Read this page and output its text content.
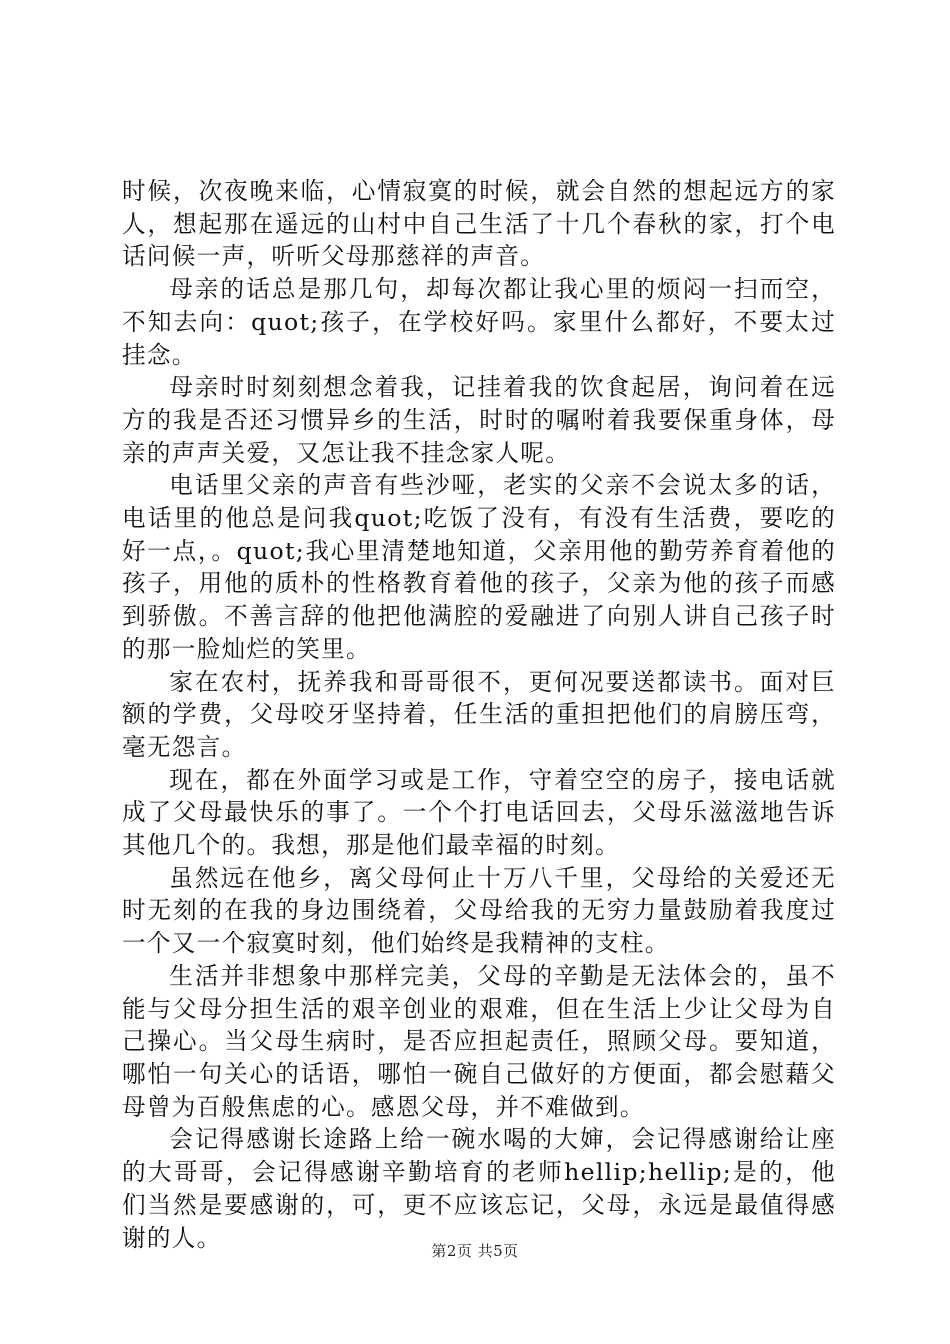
时候，次夜晚来临，心情寂寞的时候，就会自然的想起远方的家人，想起那在遥远的山村中自己生活了十几个春秋的家，打个电话问候一声，听听父母那慈祥的声音。

母亲的话总是那几句，却每次都让我心里的烦闷一扫而空，不知去向：quot;孩子，在学校好吗。家里什么都好，不要太过挂念。

母亲时时刻刻想念着我，记挂着我的饮食起居，询问着在远方的我是否还习惯异乡的生活，时时的嘱咐着我要保重身体，母亲的声声关爱，又怎让我不挂念家人呢。

电话里父亲的声音有些沙哑，老实的父亲不会说太多的话，电话里的他总是问我quot;吃饭了没有，有没有生活费，要吃的好一点，。quot;我心里清楚地知道，父亲用他的勤劳养育着他的孩子，用他的质朴的性格教育着他的孩子，父亲为他的孩子而感到骄傲。不善言辞的他把他满腔的爱融进了向别人讲自己孩子时的那一脸灿烂的笑里。

家在农村，抚养我和哥哥很不，更何况要送都读书。面对巨额的学费，父母咬牙坚持着，任生活的重担把他们的肩膀压弯，毫无怨言。

现在，都在外面学习或是工作，守着空空的房子，接电话就成了父母最快乐的事了。一个个打电话回去，父母乐滋滋地告诉其他几个的。我想，那是他们最幸福的时刻。

虽然远在他乡，离父母何止十万八千里，父母给的关爱还无时无刻的在我的身边围绕着，父母给我的无穷力量鼓励着我度过一个又一个寂寞时刻，他们始终是我精神的支柱。

生活并非想象中那样完美，父母的辛勤是无法体会的，虽不能与父母分担生活的艰辛创业的艰难，但在生活上少让父母为自己操心。当父母生病时，是否应担起责任，照顾父母。要知道，哪怕一句关心的话语，哪怕一碗自己做好的方便面，都会慰藉父母曾为百般焦虑的心。感恩父母，并不难做到。

会记得感谢长途路上给一碗水喝的大婶，会记得感谢给让座的大哥哥，会记得感谢辛勤培育的老师hellip;hellip;是的，他们当然是要感谢的，可，更不应该忘记，父母，永远是最值得感谢的人。	第2页 共5页
